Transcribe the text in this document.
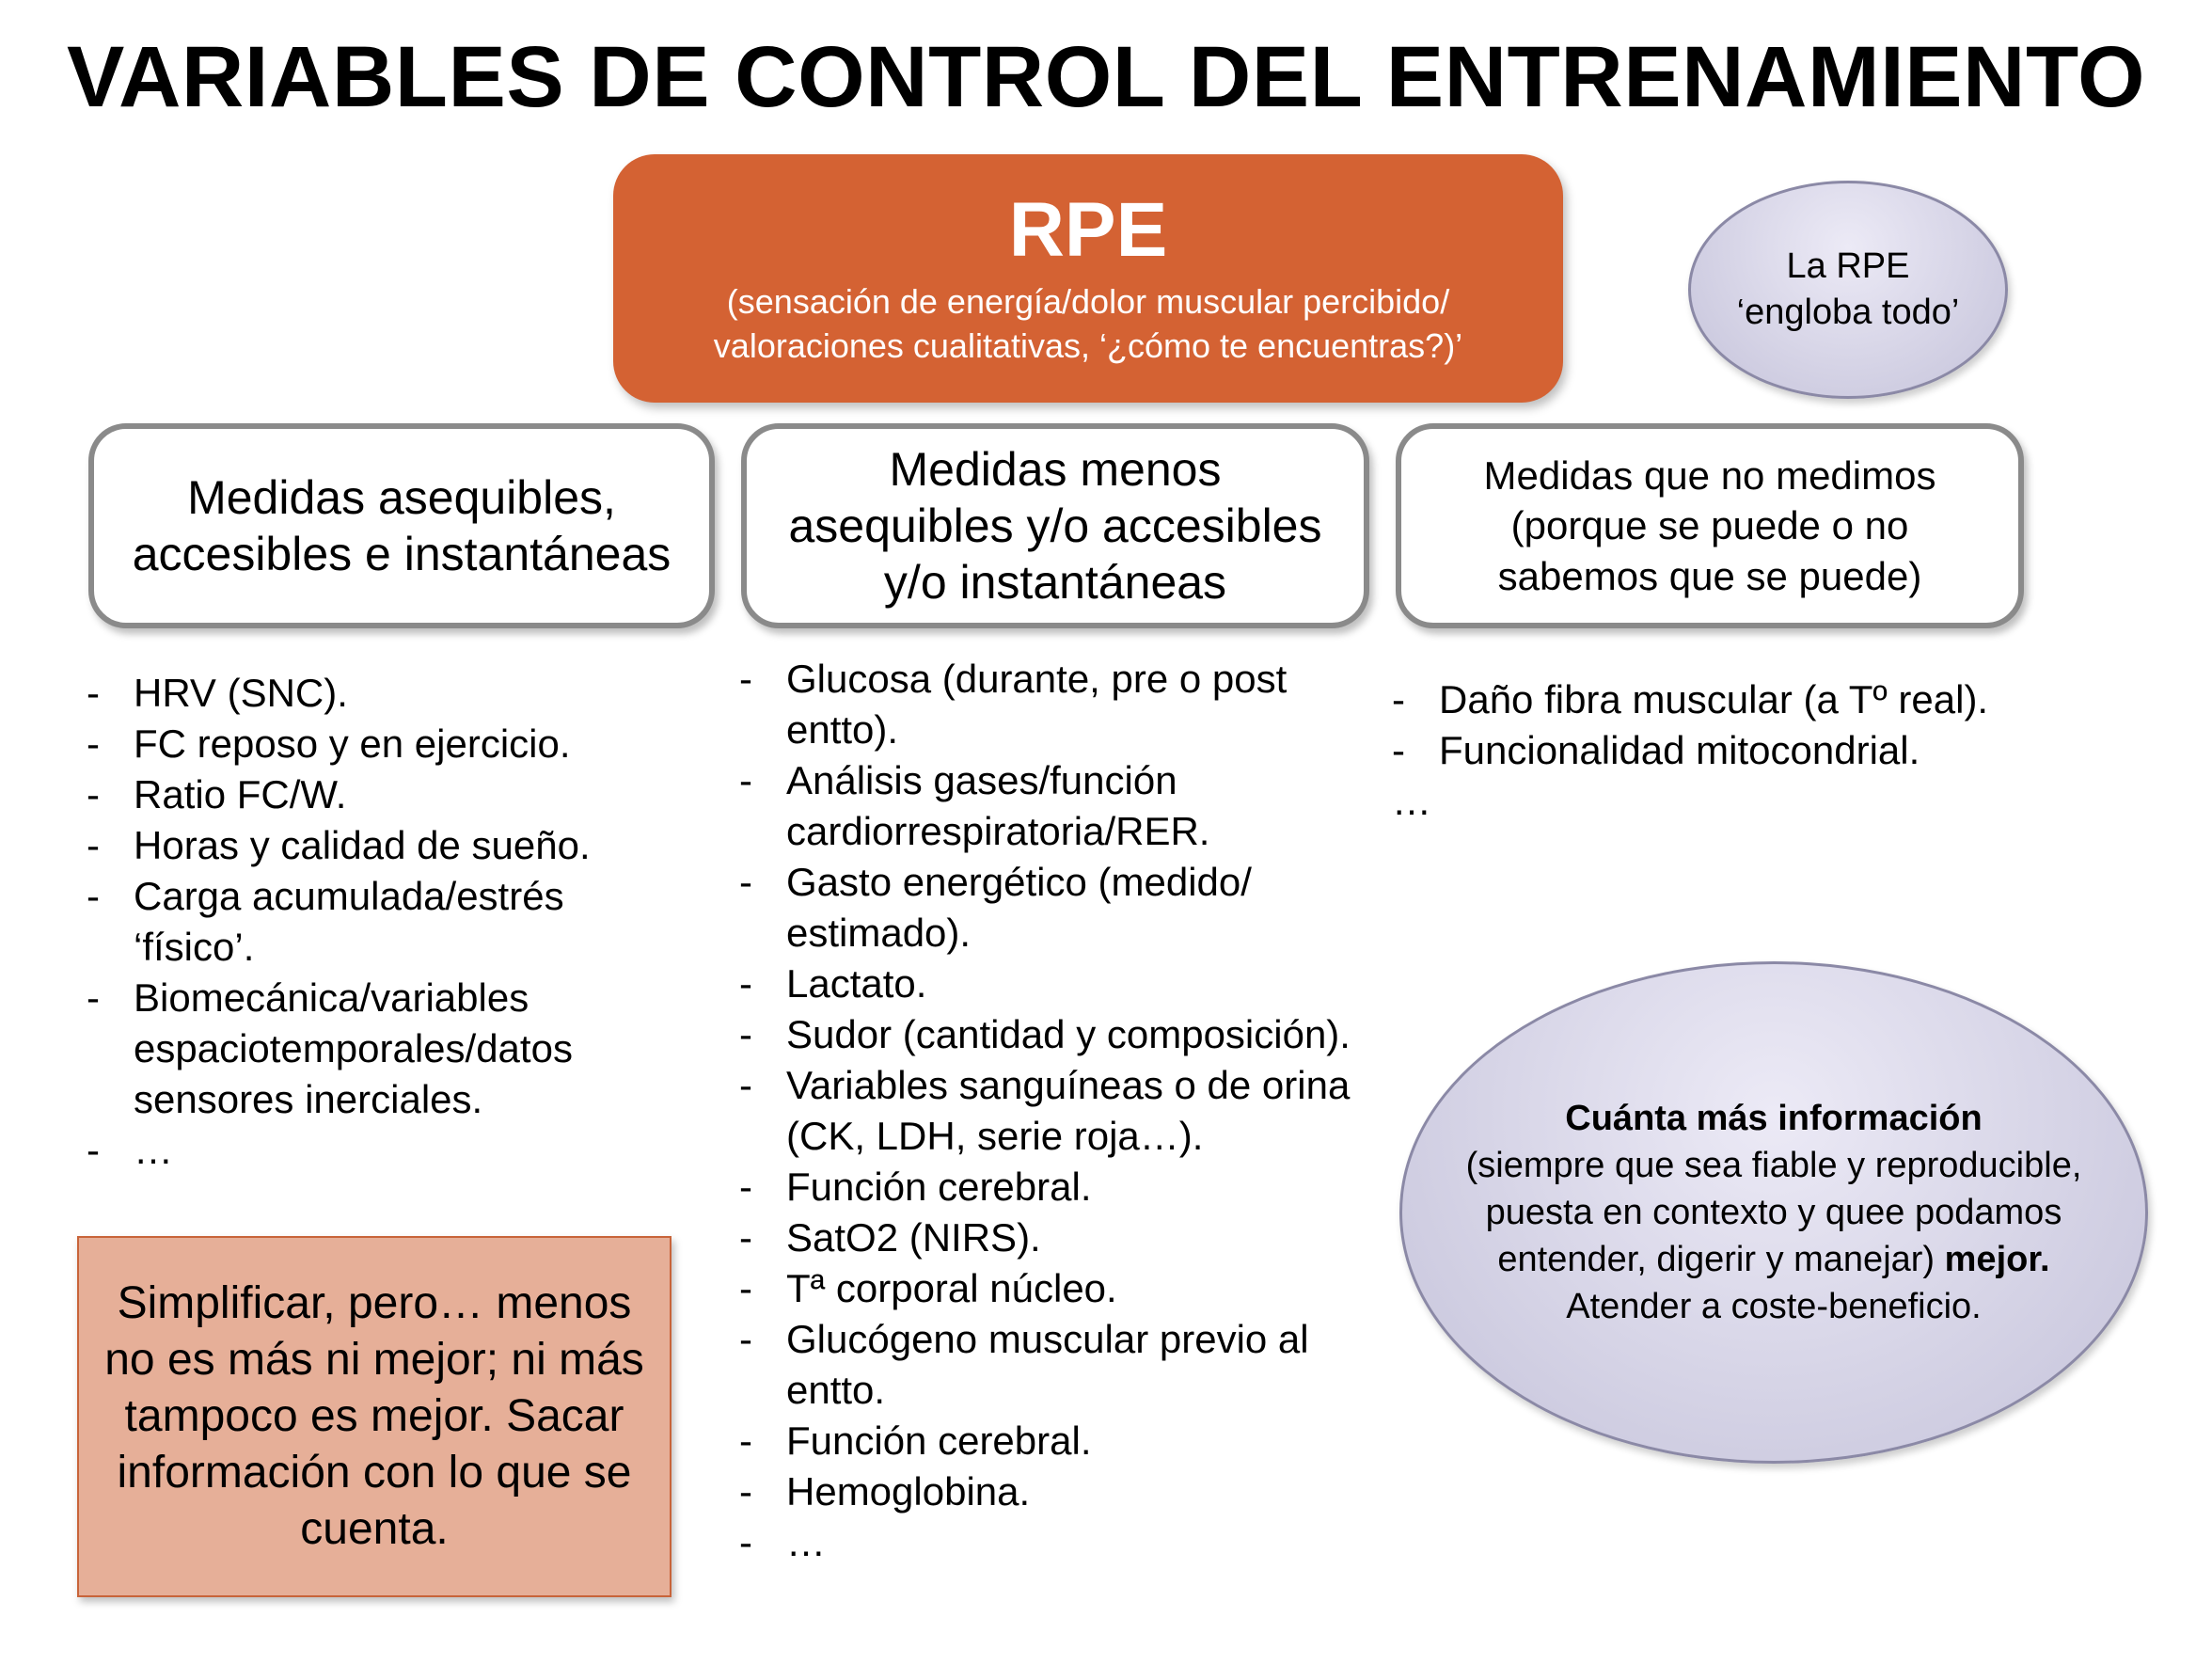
VARIABLES DE CONTROL DEL ENTRENAMIENTO
RPE
(sensación de energía/dolor muscular percibido/
valoraciones cualitativas, ‘¿cómo te encuentras?)’
La RPE
‘engloba todo’
Medidas asequibles,
accesibles e instantáneas
Medidas menos
asequibles y/o accesibles
y/o instantáneas
Medidas que no medimos
(porque se puede o no
sabemos que se puede)
- HRV (SNC).
- FC reposo y en ejercicio.
- Ratio FC/W.
- Horas y calidad de sueño.
- Carga acumulada/estrés ‘físico’.
- Biomecánica/variables espaciotemporales/datos sensores inerciales.
- …
- Glucosa (durante, pre o post entto).
- Análisis gases/función cardiorrespiratoria/RER.
- Gasto energético (medido/ estimado).
- Lactato.
- Sudor (cantidad y composición).
- Variables sanguíneas o de orina (CK, LDH, serie roja…).
- Función cerebral.
- SatO2 (NIRS).
- Tª corporal núcleo.
- Glucógeno muscular previo al entto.
- Función cerebral.
- Hemoglobina.
- …
- Daño fibra muscular (a Tº real).
- Funcionalidad mitocondrial.
…
Simplificar, pero… menos no es más ni mejor; ni más tampoco es mejor. Sacar información con lo que se cuenta.
Cuánta más información
(siempre que sea fiable y reproducible, puesta en contexto y quee podamos entender, digerir y manejar) mejor. Atender a coste-beneficio.
